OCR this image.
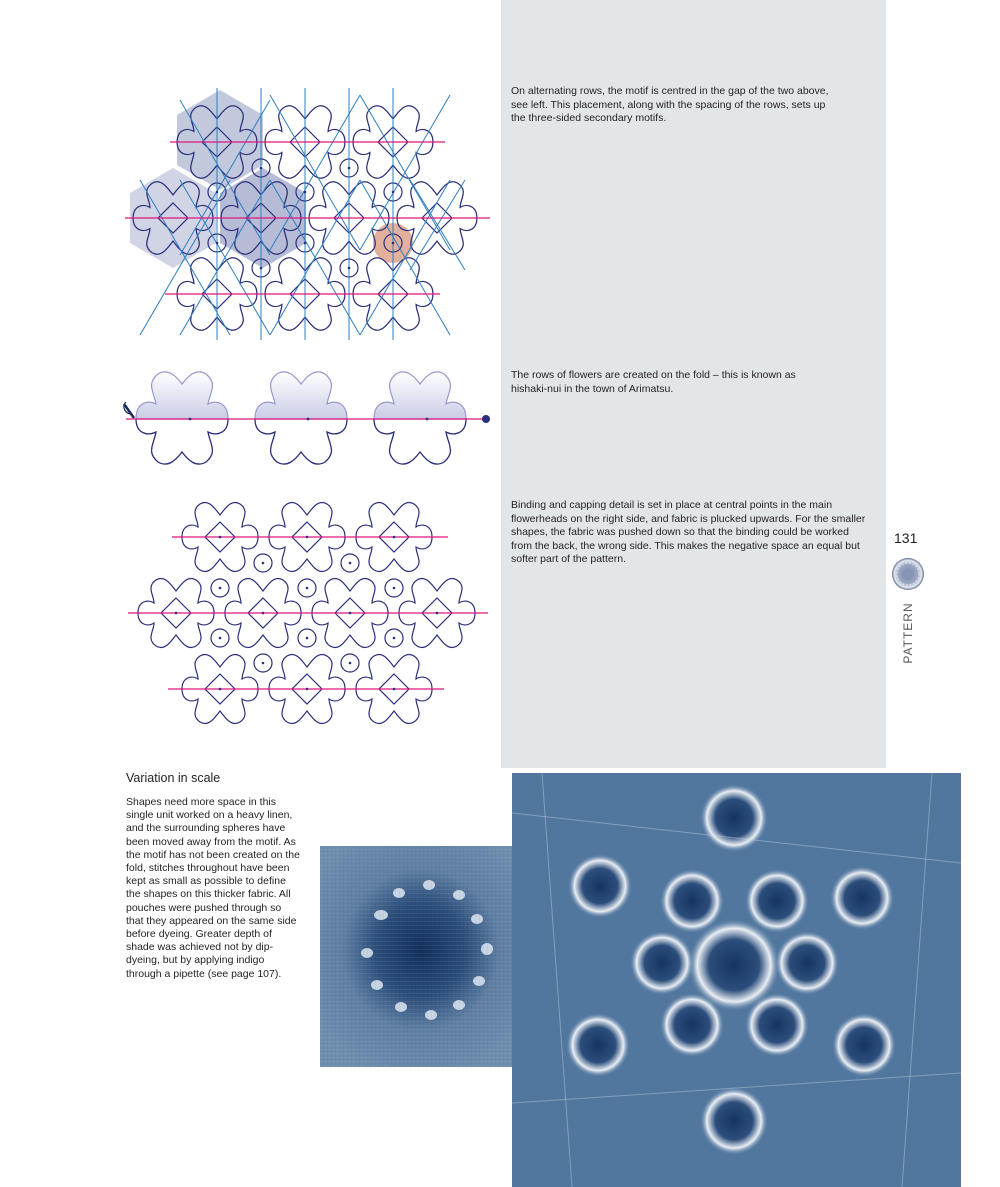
On alternating rows, the motif is centred in the gap of the two above, see left. This placement, along with the spacing of the rows, sets up the three-sided secondary motifs.

The rows of flowers are created on the fold – this is known as hishaki-nui in the town of Arimatsu.

Binding and capping detail is set in place at central points in the main flowerheads on the right side, and fabric is plucked upwards. For the smaller shapes, the fabric was pushed down so that the binding could be worked from the back, the wrong side. This makes the negative space an equal but softer part of the pattern.

131
PATTERN
Variation in scale

Shapes need more space in this single unit worked on a heavy linen, and the surrounding spheres have been moved away from the motif. As the motif has not been created on the fold, stitches throughout have been kept as small as possible to define the shapes on this thicker fabric. All pouches were pushed through so that they appeared on the same side before dyeing. Greater depth of shade was achieved not by dip-dyeing, but by applying indigo through a pipette (see page 107).
